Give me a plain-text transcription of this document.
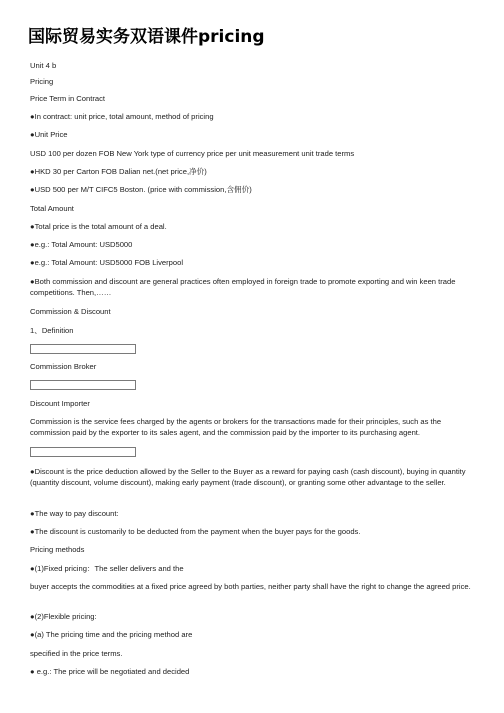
国际贸易实务双语课件pricing
Unit 4 b
Pricing
Price Term in Contract
●In contract: unit price, total amount, method of pricing
●Unit Price
USD 100 per dozen FOB New York type of currency price per unit measurement unit trade terms
●HKD 30 per Carton FOB Dalian net.(net price,净价)
●USD 500 per M/T CIFC5 Boston. (price with commission,含佣价)
Total Amount
●Total price is the total amount of a deal.
●e.g.: Total Amount: USD5000
●e.g.: Total Amount: USD5000 FOB Liverpool
●Both commission and discount are general practices often employed in foreign trade to promote exporting and win keen trade competitions. Then,……
Commission & Discount
1、Definition
Commission Broker
Discount Importer
Commission is the service fees charged by the agents or brokers for the transactions made for their principles, such as the commission paid by the exporter to its sales agent, and the commission paid by the importer to its purchasing agent.
●Discount is the price deduction allowed by the Seller to the Buyer as a reward for paying cash (cash discount), buying in quantity (quantity discount, volume discount), making early payment (trade discount), or granting some other advantage to the seller.
●The way to pay discount:
●The discount is customarily to be deducted from the payment when the buyer pays for the goods.
Pricing methods
●(1)Fixed pricing：The seller delivers and the
buyer accepts the commodities at a fixed price agreed by both parties, neither party shall have the right to change the agreed price.
●(2)Flexible pricing:
●(a) The pricing time and the pricing method are
specified in the price terms.
● e.g.: The price will be negotiated and decided
